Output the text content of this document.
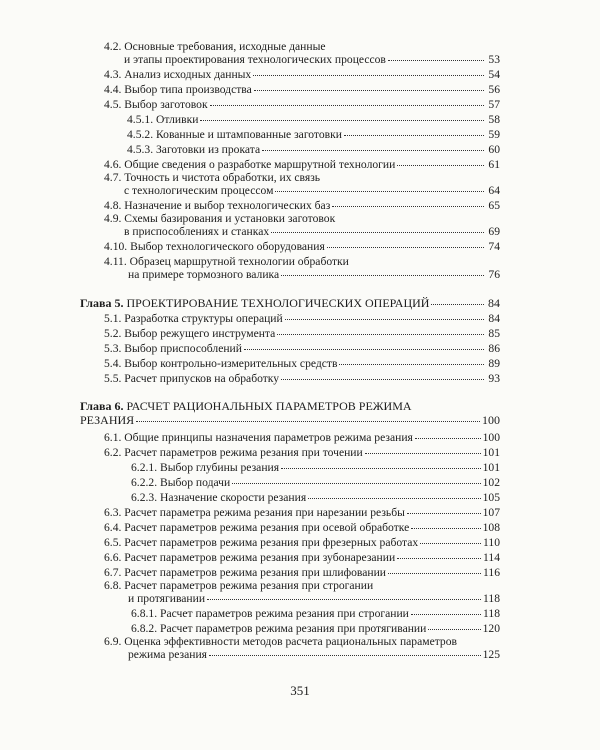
4.2. Основные требования, исходные данные
и этапы проектирования технологических процессов	53
4.3. Анализ исходных данных	54
4.4. Выбор типа производства	56
4.5. Выбор заготовок	57
4.5.1. Отливки	58
4.5.2. Кованные и штампованные заготовки	59
4.5.3. Заготовки из проката	60
4.6. Общие сведения о разработке маршрутной технологии	61
4.7. Точность и чистота обработки, их связь
с технологическим процессом	64
4.8. Назначение и выбор технологических баз	65
4.9. Схемы базирования и установки заготовок
в приспособлениях и станках	69
4.10. Выбор технологического оборудования	74
4.11. Образец маршрутной технологии обработки
на примере тормозного валика	76
Глава 5. ПРОЕКТИРОВАНИЕ ТЕХНОЛОГИЧЕСКИХ ОПЕРАЦИЙ	84
5.1. Разработка структуры операций	84
5.2. Выбор режущего инструмента	85
5.3. Выбор приспособлений	86
5.4. Выбор контрольно-измерительных средств	89
5.5. Расчет припусков на обработку	93
Глава 6. РАСЧЕТ РАЦИОНАЛЬНЫХ ПАРАМЕТРОВ РЕЖИМА
РЕЗАНИЯ	100
6.1. Общие принципы назначения параметров режима резания	100
6.2. Расчет параметров режима резания при точении	101
6.2.1. Выбор глубины резания	101
6.2.2. Выбор подачи	102
6.2.3. Назначение скорости резания	105
6.3. Расчет параметра режима резания при нарезании резьбы	107
6.4. Расчет параметров режима резания при осевой обработке	108
6.5. Расчет параметров режима резания при фрезерных работах	110
6.6. Расчет параметров режима резания при зубонарезании	114
6.7. Расчет параметров режима резания при шлифовании	116
6.8. Расчет параметров режима резания при строгании
и протягивании	118
6.8.1. Расчет параметров режима резания при строгании	118
6.8.2. Расчет параметров режима резания при протягивании	120
6.9. Оценка эффективности методов расчета рациональных параметров
режима резания	125
351
